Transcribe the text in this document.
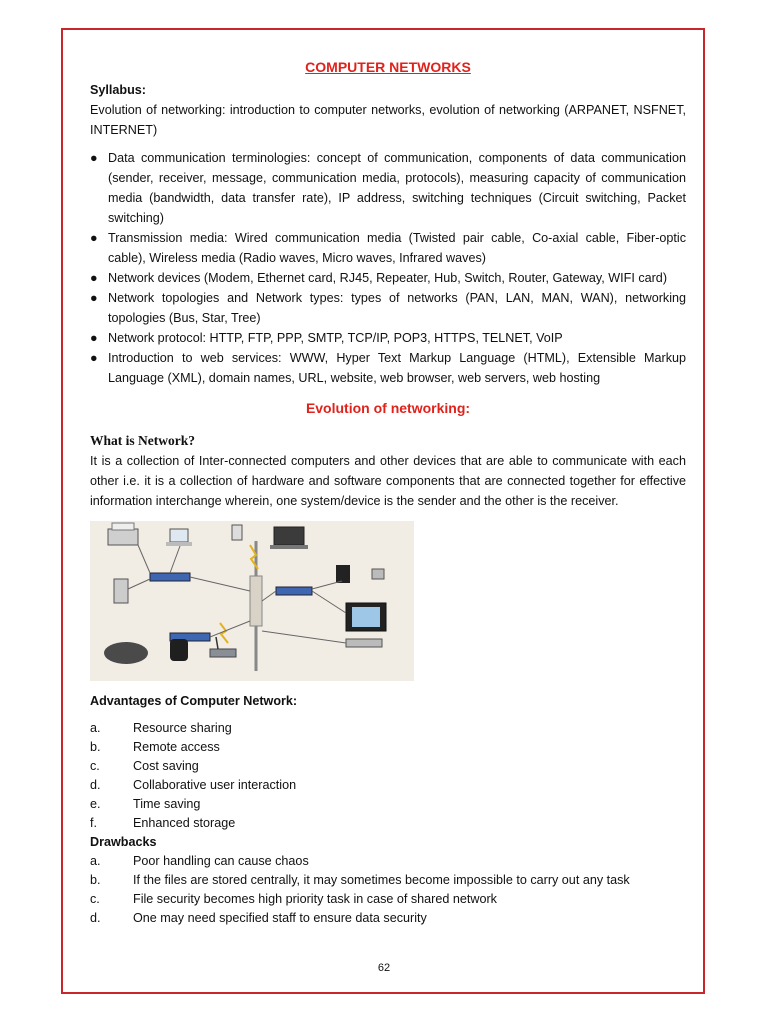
COMPUTER NETWORKS

Syllabus:

Evolution of networking: introduction to computer networks, evolution of networking (ARPANET, NSFNET, INTERNET)

● Data communication terminologies: concept of communication, components of data communication (sender, receiver, message, communication media, protocols), measuring capacity of communication media (bandwidth, data transfer rate), IP address, switching techniques (Circuit switching, Packet switching)
● Transmission media: Wired communication media (Twisted pair cable, Co-axial cable, Fiber-optic cable), Wireless media (Radio waves, Micro waves, Infrared waves)
● Network devices (Modem, Ethernet card, RJ45, Repeater, Hub, Switch, Router, Gateway, WIFI card)
● Network topologies and Network types: types of networks (PAN, LAN, MAN, WAN), networking topologies (Bus, Star, Tree)
● Network protocol: HTTP, FTP, PPP, SMTP, TCP/IP, POP3, HTTPS, TELNET, VoIP
● Introduction to web services: WWW, Hyper Text Markup Language (HTML), Extensible Markup Language (XML), domain names, URL, website, web browser, web servers, web hosting
Evolution of networking:

What is Network?

It is a collection of Inter-connected computers and other devices that are able to communicate with each other i.e. it is a collection of hardware and software components that are connected together for effective information interchange wherein, one system/device is the sender and the other is the receiver.

Advantages of Computer Network:

a.	Resource sharing
b.	Remote access
c.	Cost saving
d.	Collaborative user interaction
e.	Time saving
f.	Enhanced storage

Drawbacks

a.	Poor handling can cause chaos
b.	If the files are stored centrally, it may sometimes become impossible to carry out any task
c.	File security becomes high priority task in case of shared network
d.	One may need specified staff to ensure data security
62
